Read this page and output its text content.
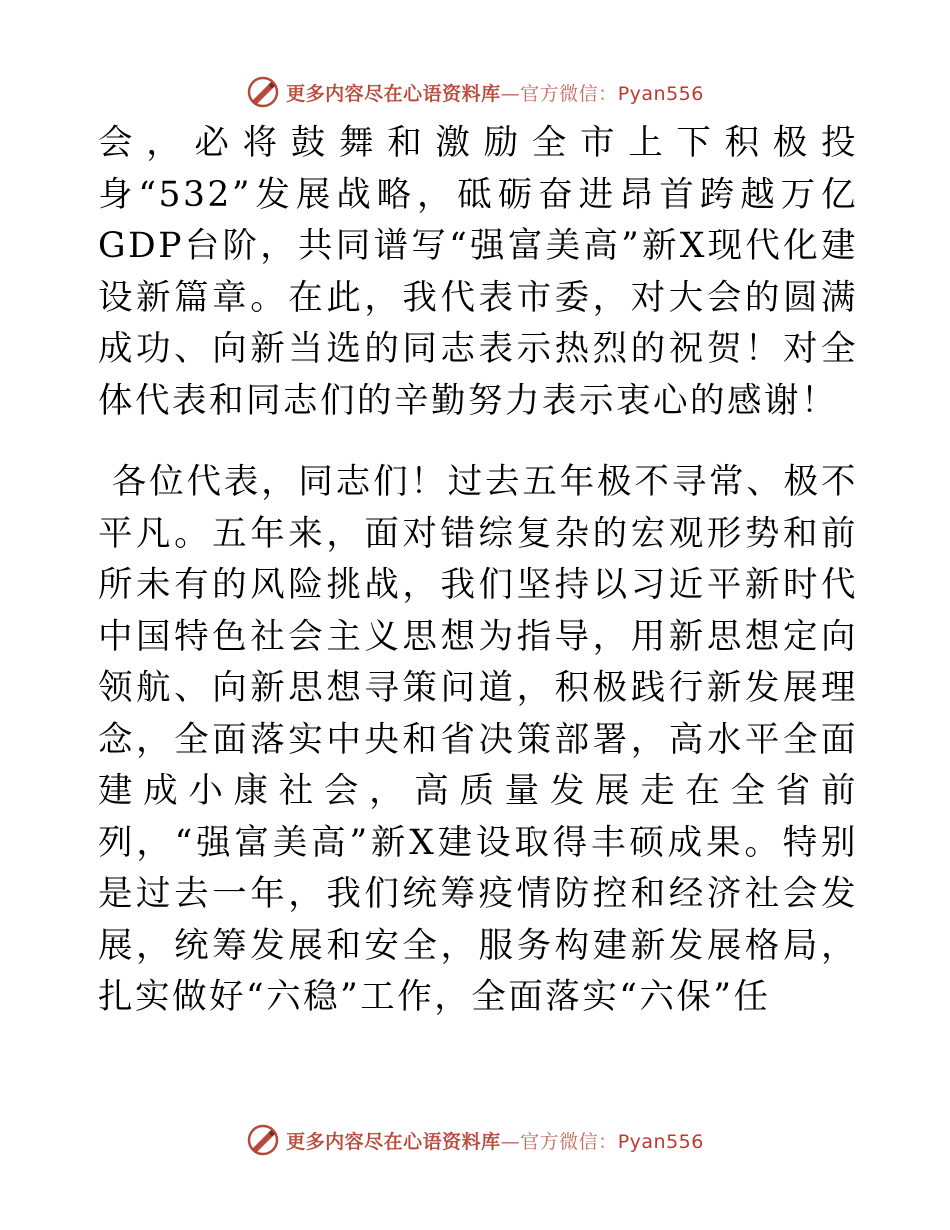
更多内容尽在心语资料库—官方微信：Pyan556

会，必将鼓舞和激励全市上下积极投身“532”发展战略，砥砺奋进昂首跨越万亿GDP台阶，共同谱写“强富美高”新X现代化建设新篇章。在此，我代表市委，对大会的圆满成功、向新当选的同志表示热烈的祝贺！对全体代表和同志们的辛勤努力表示衷心的感谢！

各位代表，同志们！过去五年极不寻常、极不平凡。五年来，面对错综复杂的宏观形势和前所未有的风险挑战，我们坚持以习近平新时代中国特色社会主义思想为指导，用新思想定向领航、向新思想寻策问道，积极践行新发展理念，全面落实中央和省决策部署，高水平全面建成小康社会，高质量发展走在全省前列，“强富美高”新X建设取得丰硕成果。特别是过去一年，我们统筹疫情防控和经济社会发展，统筹发展和安全，服务构建新发展格局，扎实做好“六稳”工作，全面落实“六保”任

更多内容尽在心语资料库—官方微信：Pyan556
